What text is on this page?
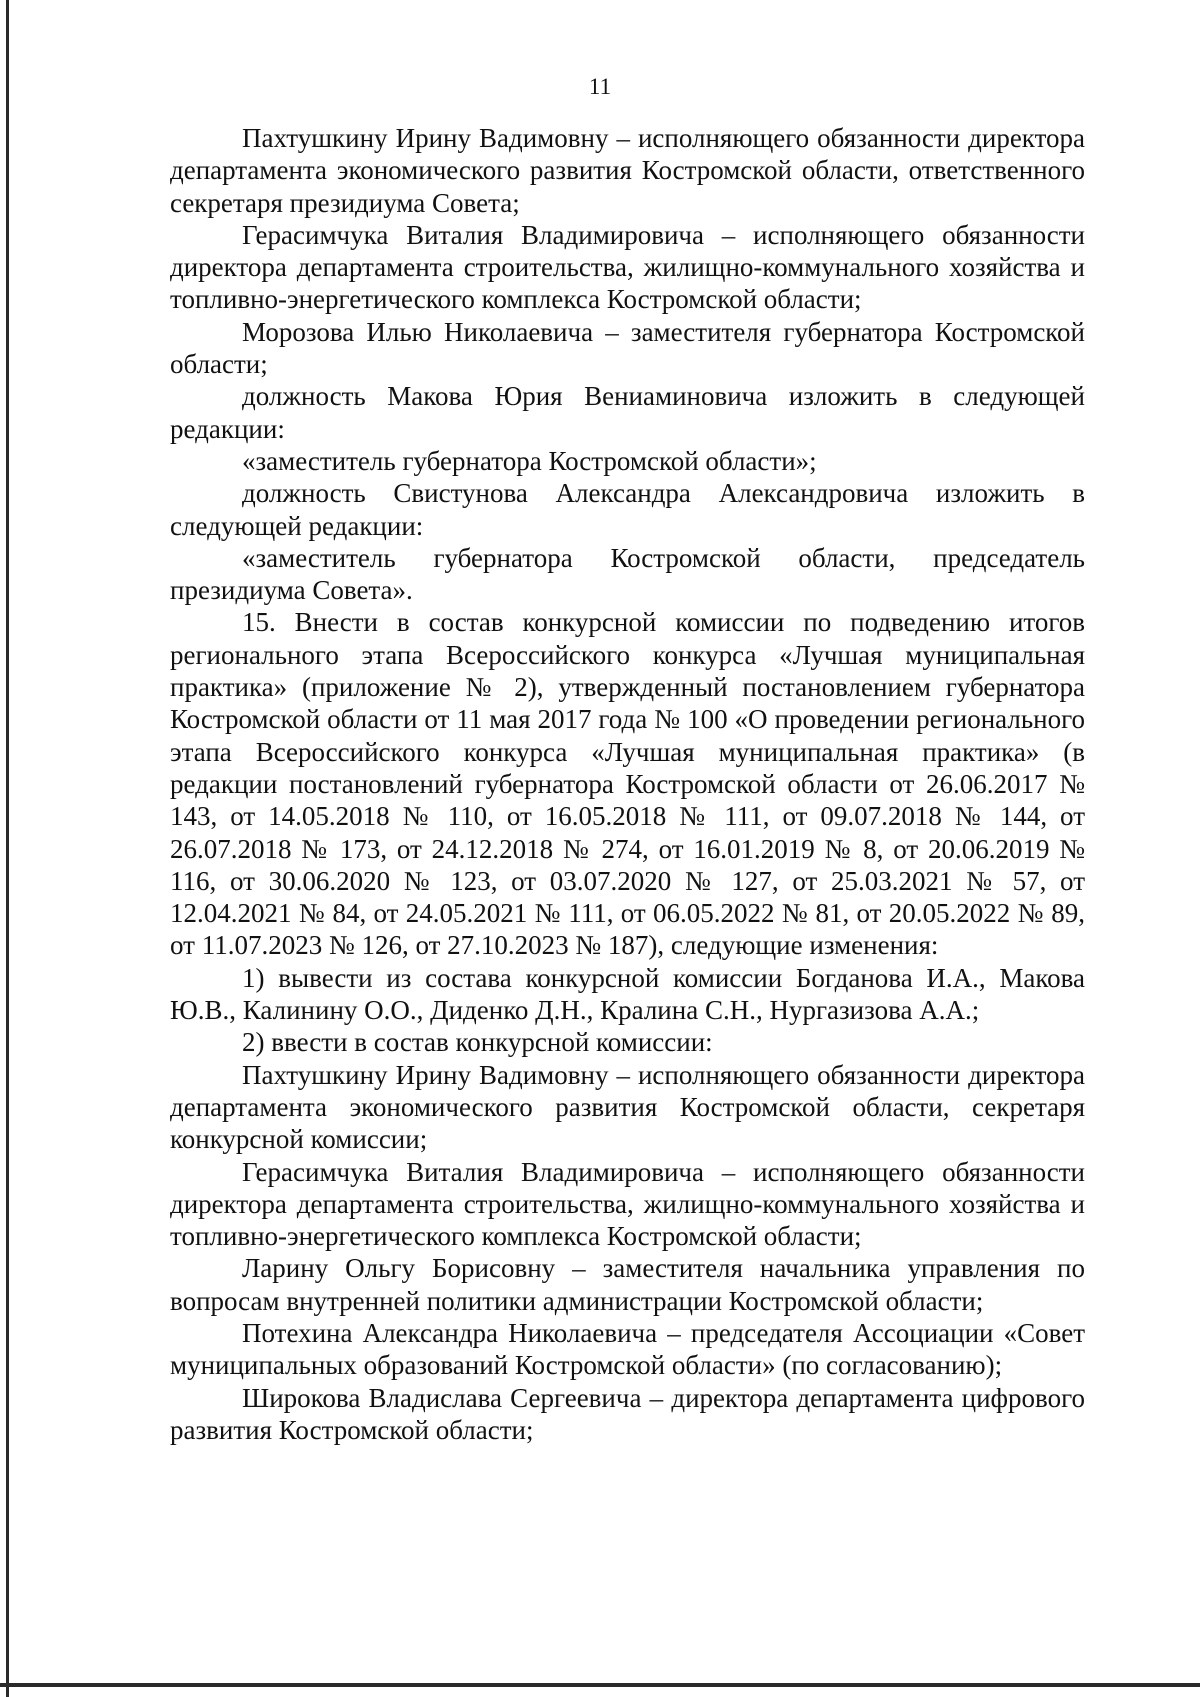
11

Пахтушкину Ирину Вадимовну – исполняющего обязанности директора департамента экономического развития Костромской области, ответственного секретаря президиума Совета;

Герасимчука Виталия Владимировича – исполняющего обязанности директора департамента строительства, жилищно-коммунального хозяйства и топливно-энергетического комплекса Костромской области;

Морозова Илью Николаевича – заместителя губернатора Костромской области;

должность Макова Юрия Вениаминовича изложить в следующей редакции:

«заместитель губернатора Костромской области»;

должность Свистунова Александра Александровича изложить в следующей редакции:

«заместитель губернатора Костромской области, председатель президиума Совета».

15. Внести в состав конкурсной комиссии по подведению итогов регионального этапа Всероссийского конкурса «Лучшая муниципальная практика» (приложение № 2), утвержденный постановлением губернатора Костромской области от 11 мая 2017 года № 100 «О проведении регионального этапа Всероссийского конкурса «Лучшая муниципальная практика» (в редакции постановлений губернатора Костромской области от 26.06.2017 № 143, от 14.05.2018 № 110, от 16.05.2018 № 111, от 09.07.2018 № 144, от 26.07.2018 № 173, от 24.12.2018 № 274, от 16.01.2019 № 8, от 20.06.2019 № 116, от 30.06.2020 № 123, от 03.07.2020 № 127, от 25.03.2021 № 57, от 12.04.2021 № 84, от 24.05.2021 № 111, от 06.05.2022 № 81, от 20.05.2022 № 89, от 11.07.2023 № 126, от 27.10.2023 № 187), следующие изменения:

1) вывести из состава конкурсной комиссии Богданова И.А., Макова Ю.В., Калинину О.О., Диденко Д.Н., Кралина С.Н., Нургазизова А.А.;

2) ввести в состав конкурсной комиссии:

Пахтушкину Ирину Вадимовну – исполняющего обязанности директора департамента экономического развития Костромской области, секретаря конкурсной комиссии;

Герасимчука Виталия Владимировича – исполняющего обязанности директора департамента строительства, жилищно-коммунального хозяйства и топливно-энергетического комплекса Костромской области;

Ларину Ольгу Борисовну – заместителя начальника управления по вопросам внутренней политики администрации Костромской области;

Потехина Александра Николаевича – председателя Ассоциации «Совет муниципальных образований Костромской области» (по согласованию);

Широкова Владислава Сергеевича – директора департамента цифрового развития Костромской области;
